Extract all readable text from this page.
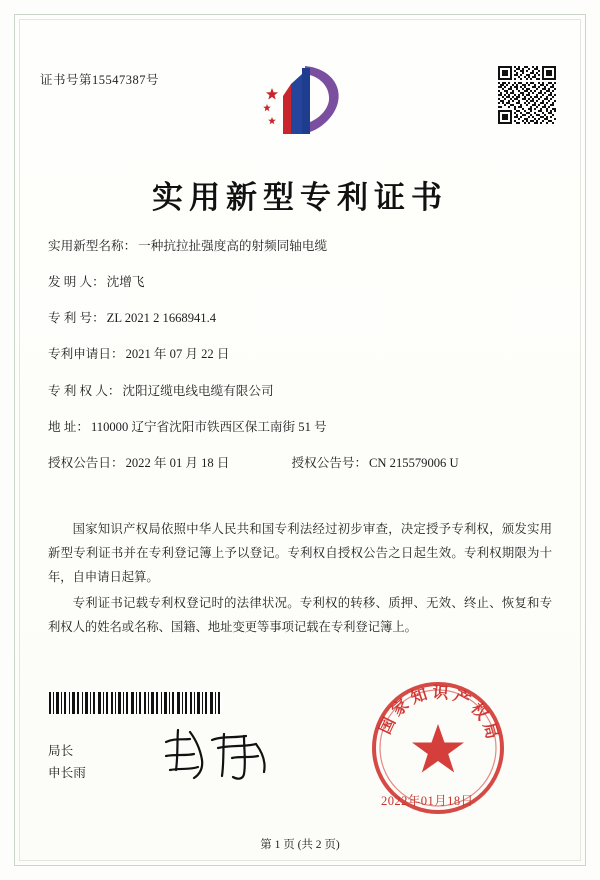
证书号第15547387号
实用新型专利证书
实用新型名称： 一种抗拉扯强度高的射频同轴电缆
发 明 人： 沈增飞
专 利 号： ZL 2021 2 1668941.4
专利申请日： 2021 年 07 月 22 日
专 利 权 人： 沈阳辽缆电线电缆有限公司
地 址： 110000 辽宁省沈阳市铁西区保工南街 51 号
授权公告日： 2022 年 01 月 18 日	授权公告号： CN 215579006 U

国家知识产权局依照中华人民共和国专利法经过初步审查，决定授予专利权，颁发实用新型专利证书并在专利登记簿上予以登记。专利权自授权公告之日起生效。专利权期限为十年，自申请日起算。

专利证书记载专利权登记时的法律状况。专利权的转移、质押、无效、终止、恢复和专利权人的姓名或名称、国籍、地址变更等事项记载在专利登记簿上。

局长
申长雨
国家知识产权局
2022年01月18日
第 1 页 (共 2 页)
